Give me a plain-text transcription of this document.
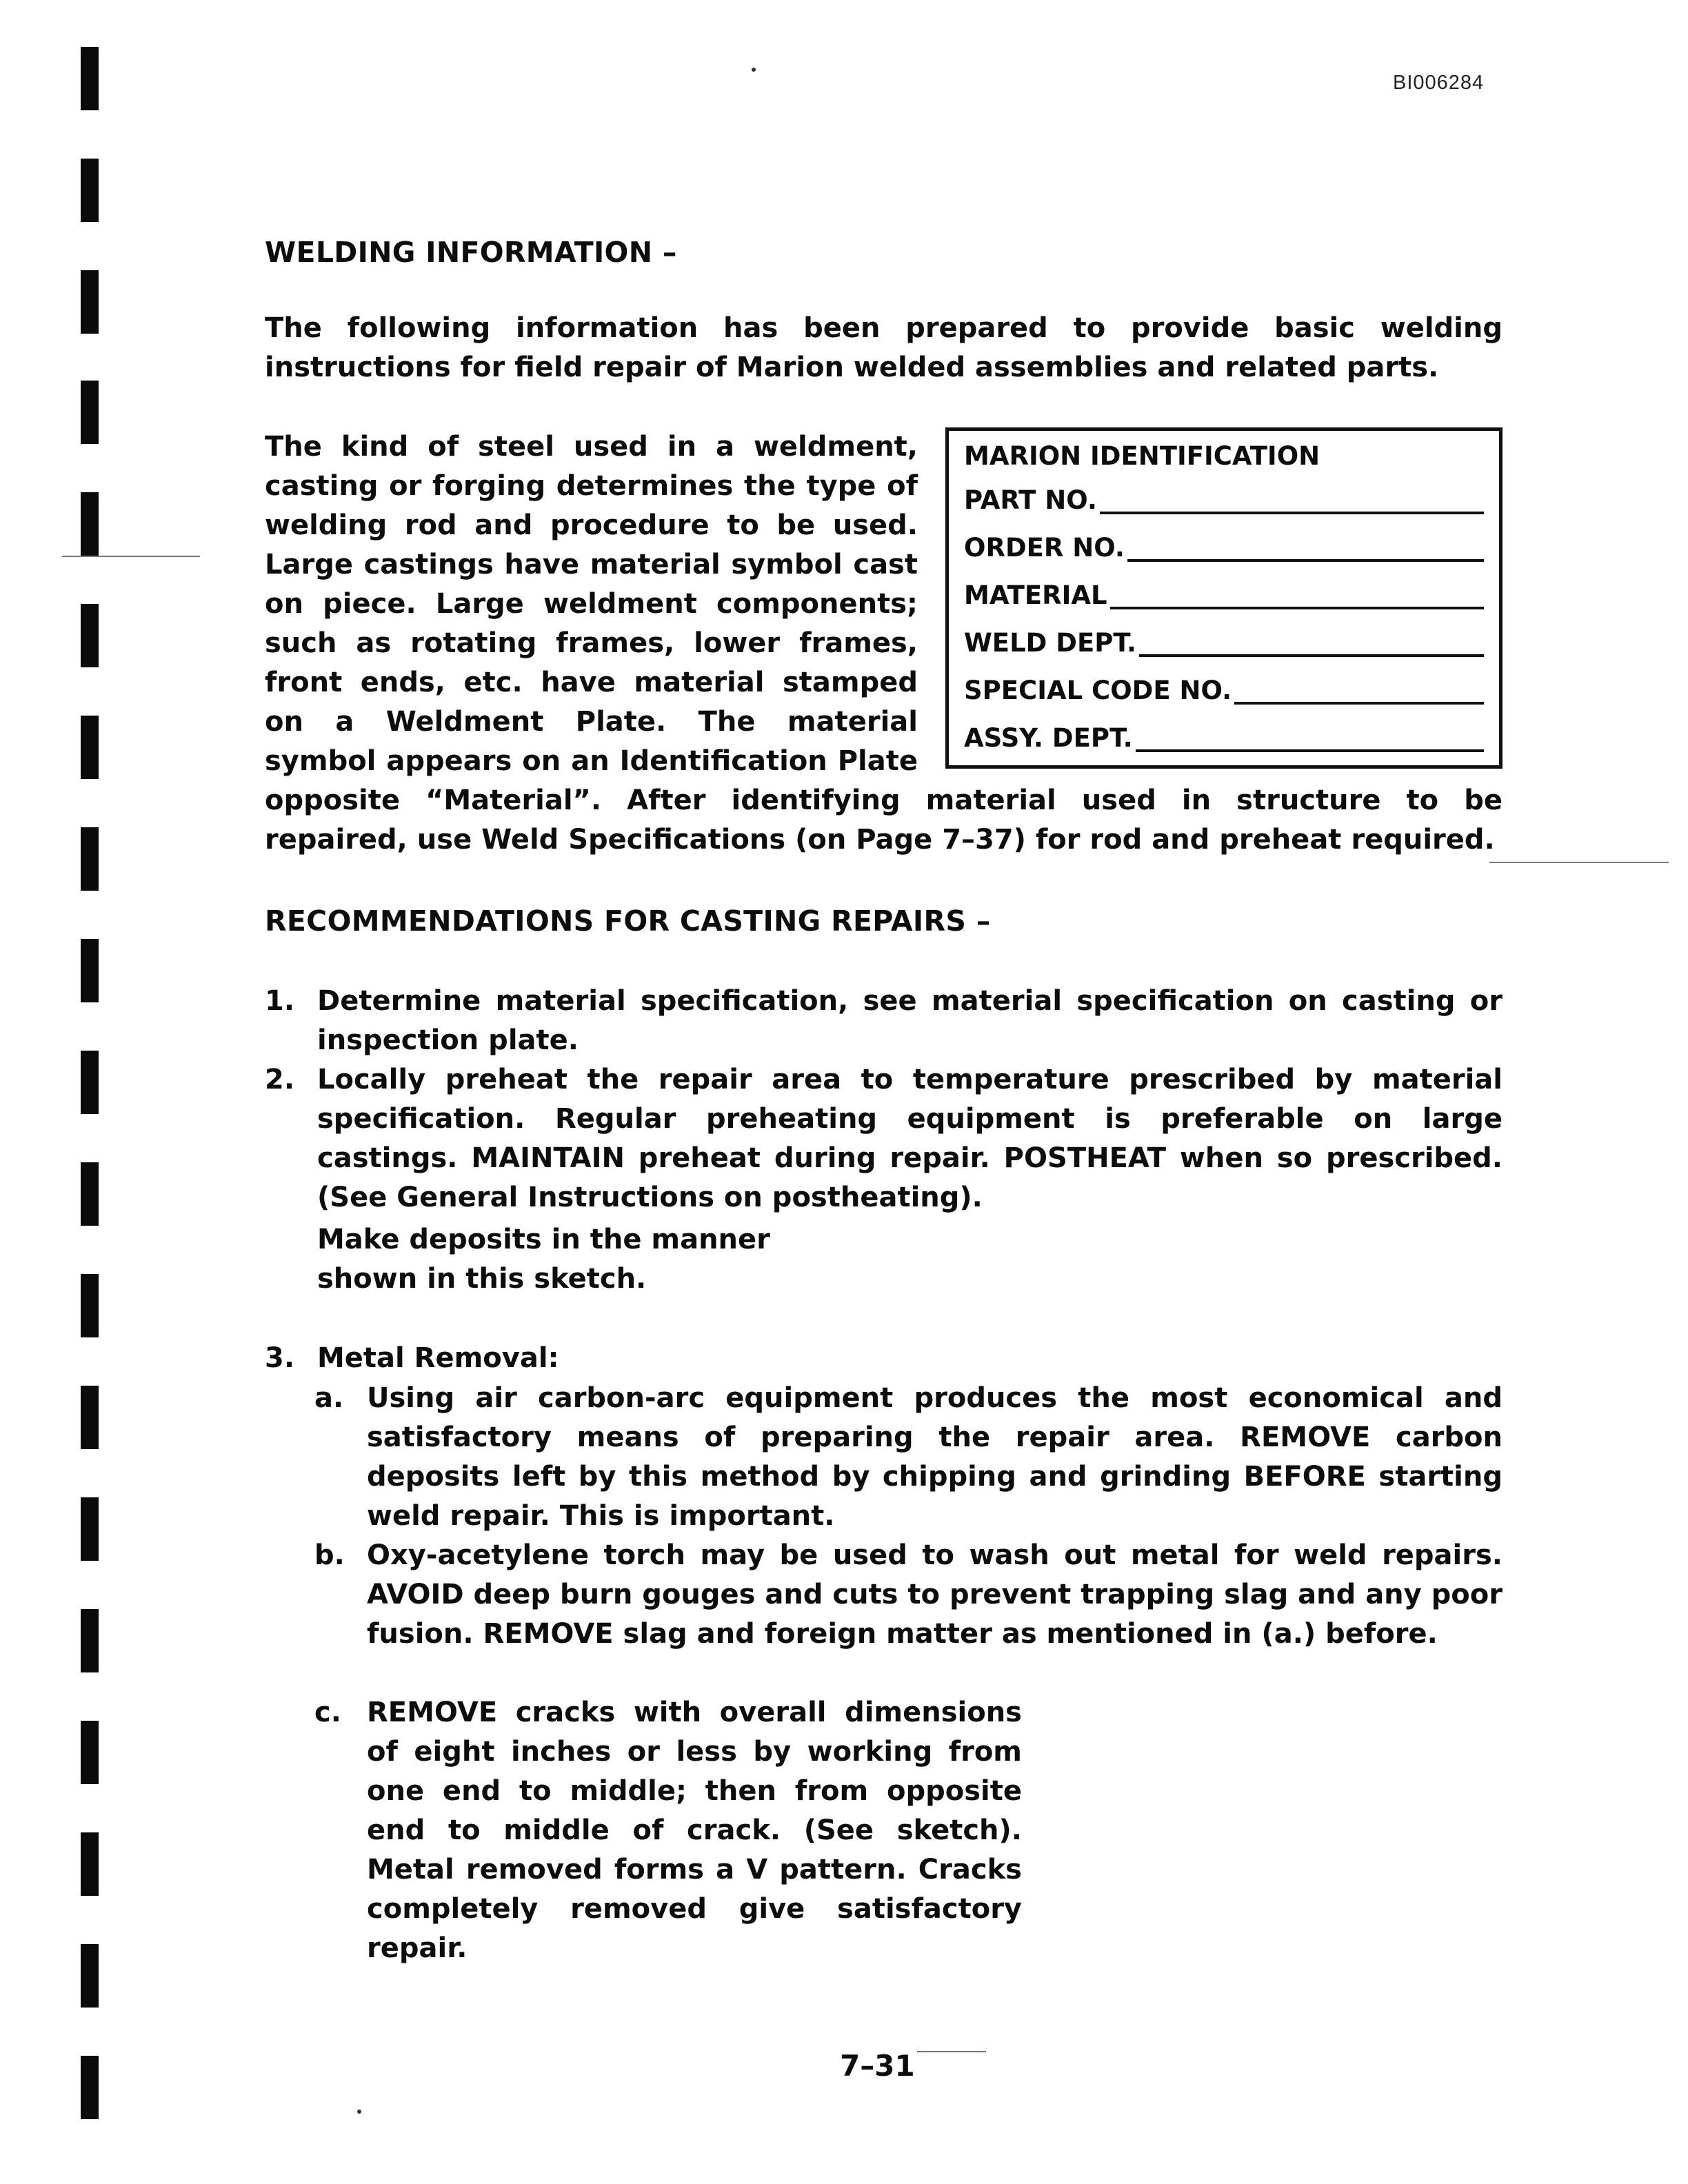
BI006284
WELDING INFORMATION –
The following information has been prepared to provide basic welding instructions for field repair of Marion welded assemblies and related parts.
MARION IDENTIFICATION
PART NO.
ORDER NO.
MATERIAL
WELD DEPT.
SPECIAL CODE NO.
ASSY. DEPT.

The kind of steel used in a weldment, casting or forging determines the type of welding rod and procedure to be used. Large castings have material symbol cast on piece. Large weldment components; such as rotating frames, lower frames, front ends, etc. have material stamped on a Weldment Plate. The material symbol appears on an Identification Plate opposite “Material”. After identifying material used in structure to be repaired, use Weld Specifications (on Page 7–37) for rod and preheat required.

RECOMMENDATIONS FOR CASTING REPAIRS –
1. Determine material specification, see material specification on casting or inspection plate.
2. Locally preheat the repair area to temperature prescribed by material specification. Regular preheating equipment is preferable on large castings. MAINTAIN preheat during repair. POSTHEAT when so prescribed. (See General Instructions on postheating).
Make deposits in the manner shown in this sketch.
3. Metal Removal:
a. Using air carbon-arc equipment produces the most economical and satisfactory means of preparing the repair area. REMOVE carbon deposits left by this method by chipping and grinding BEFORE starting weld repair. This is important.
b. Oxy-acetylene torch may be used to wash out metal for weld repairs. AVOID deep burn gouges and cuts to prevent trapping slag and any poor fusion. REMOVE slag and foreign matter as mentioned in (a.) before.
c. REMOVE cracks with overall dimensions of eight inches or less by working from one end to middle; then from opposite end to middle of crack. (See sketch). Metal removed forms a V pattern. Cracks completely removed give satisfactory repair.
7–31
